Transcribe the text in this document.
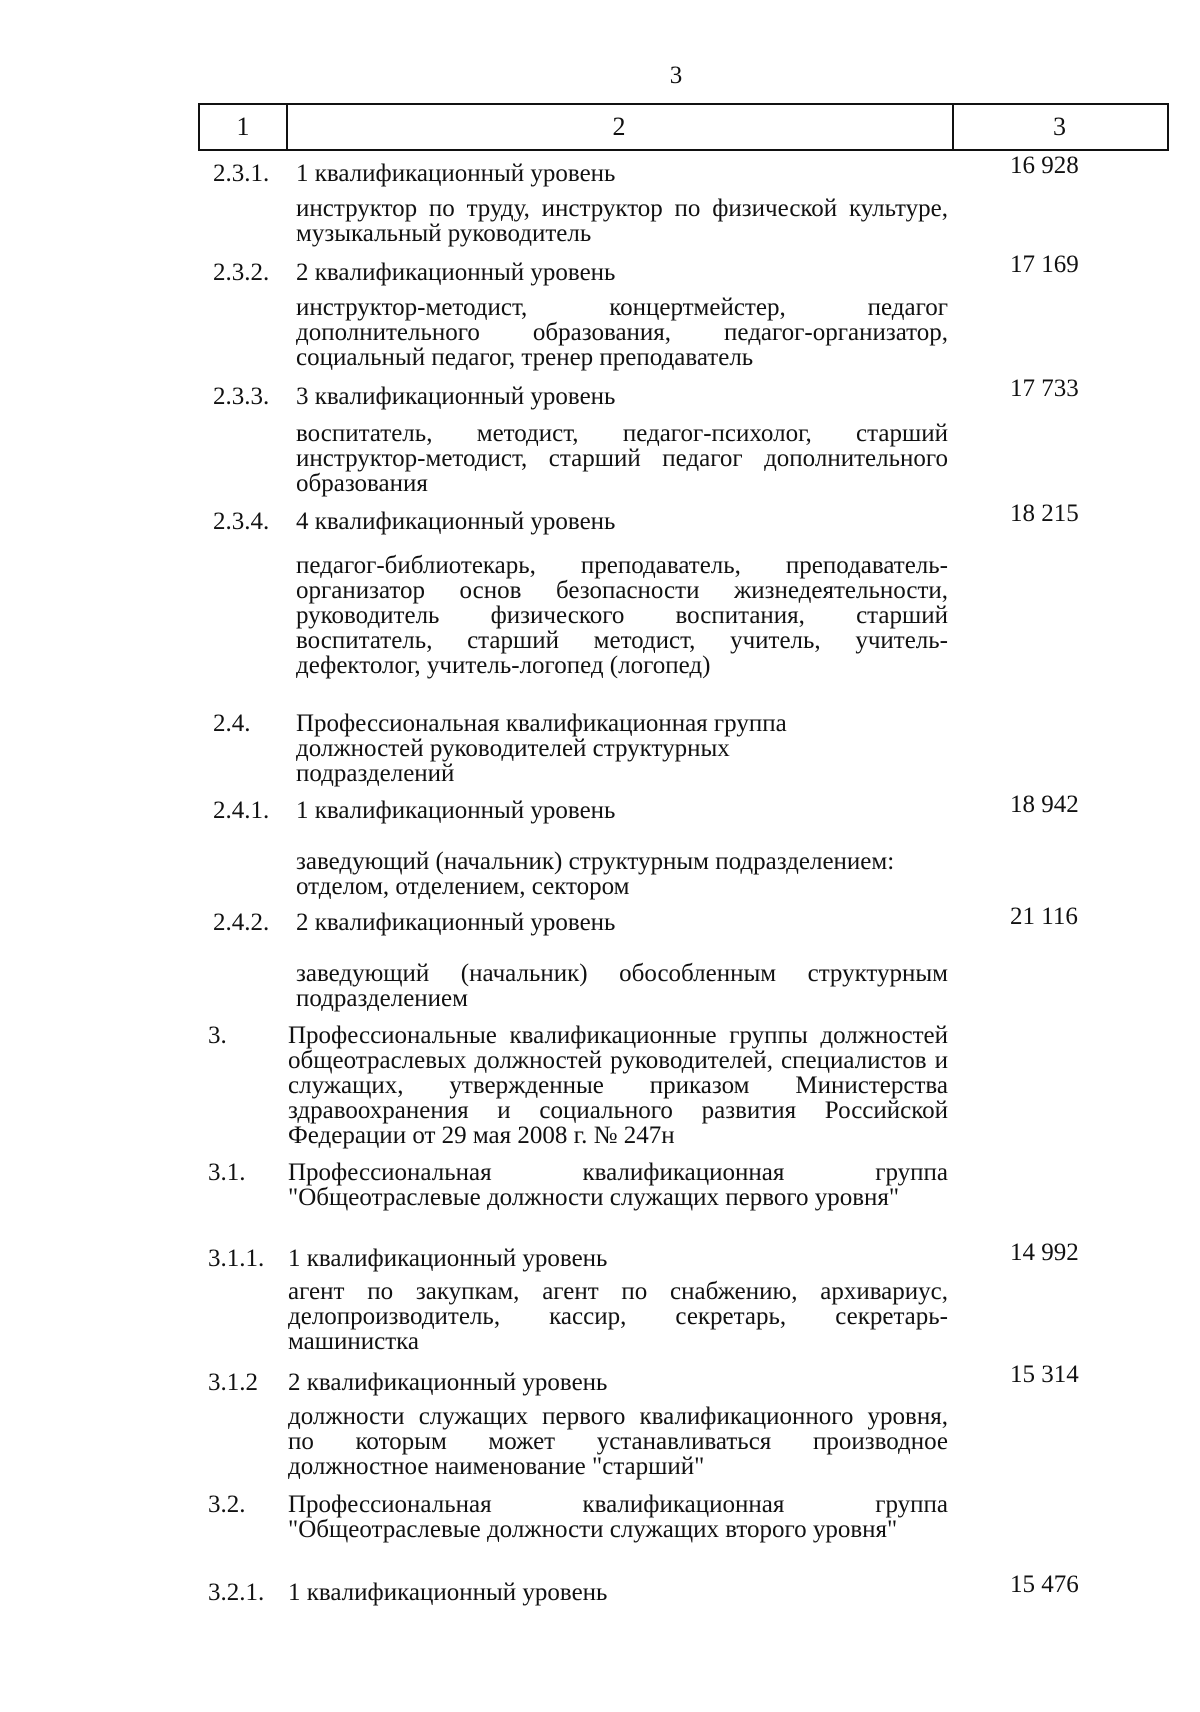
3
1	2	3
2.3.1.	1 квалификационный уровень	16 928
инструктор по труду, инструктор по физической культуре, музыкальный руководитель
2.3.2.	2 квалификационный уровень	17 169
инструктор-методист, концертмейстер, педагог дополнительного образования, педагог-организатор, социальный педагог, тренер преподаватель
2.3.3.	3 квалификационный уровень	17 733
воспитатель, методист, педагог-психолог, старший инструктор-методист, старший педагог дополнительного образования
2.3.4.	4 квалификационный уровень	18 215
педагог-библиотекарь, преподаватель, преподаватель-организатор основ безопасности жизнедеятельности, руководитель физического воспитания, старший воспитатель, старший методист, учитель, учитель-дефектолог, учитель-логопед (логопед)
2.4.	Профессиональная квалификационная группа должностей руководителей структурных подразделений
2.4.1.	1 квалификационный уровень	18 942
заведующий (начальник) структурным подразделением: отделом, отделением, сектором
2.4.2.	2 квалификационный уровень	21 116
заведующий (начальник) обособленным структурным подразделением
3.	Профессиональные квалификационные группы должностей общеотраслевых должностей руководителей, специалистов и служащих, утвержденные приказом Министерства здравоохранения и социального развития Российской Федерации от 29 мая 2008 г. № 247н
3.1.	Профессиональная квалификационная группа "Общеотраслевые должности служащих первого уровня"
3.1.1. 1 квалификационный уровень	14 992
агент по закупкам, агент по снабжению, архивариус, делопроизводитель, кассир, секретарь, секретарь-машинистка
3.1.2	2 квалификационный уровень	15 314
должности служащих первого квалификационного уровня, по которым может устанавливаться производное должностное наименование "старший"
3.2.	Профессиональная квалификационная группа "Общеотраслевые должности служащих второго уровня"
3.2.1. 1 квалификационный уровень	15 476
